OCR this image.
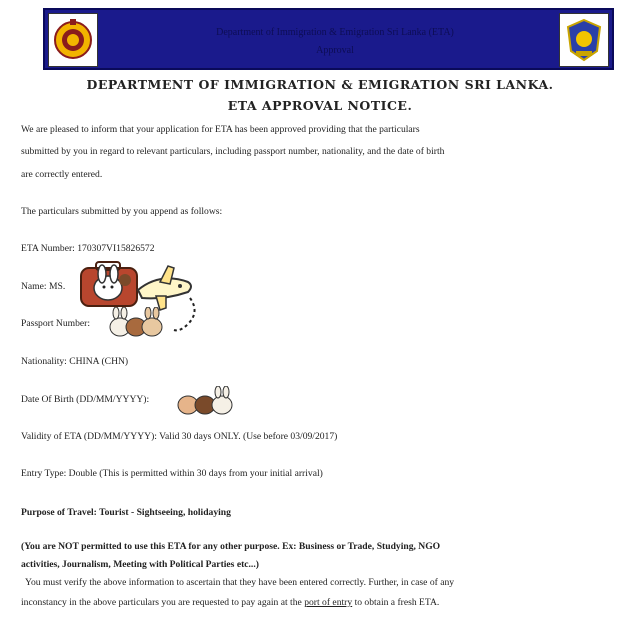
Department of Immigration & Emigration Sri Lanka (ETA)
Approval
DEPARTMENT OF IMMIGRATION & EMIGRATION SRI LANKA.
ETA APPROVAL NOTICE.
We are pleased to inform that your application for ETA has been approved providing that the particulars
submitted by you in regard to relevant particulars, including passport number, nationality, and the date of birth
are correctly entered.
The particulars submitted by you append as follows:
ETA Number: 170307VI15826572
Name: MS.
Passport Number:
Nationality: CHINA (CHN)
Date Of Birth (DD/MM/YYYY):
Validity of ETA (DD/MM/YYYY): Valid 30 days ONLY. (Use before 03/09/2017)
Entry Type: Double (This is permitted within 30 days from your initial arrival)
Purpose of Travel: Tourist - Sightseeing, holidaying
(You are NOT permitted to use this ETA for any other purpose. Ex: Business or Trade, Studying, NGO
activities, Journalism, Meeting with Political Parties etc...)
You must verify the above information to ascertain that they have been entered correctly. Further, in case of any
inconstancy in the above particulars you are requested to pay again at the port of entry to obtain a fresh ETA.
